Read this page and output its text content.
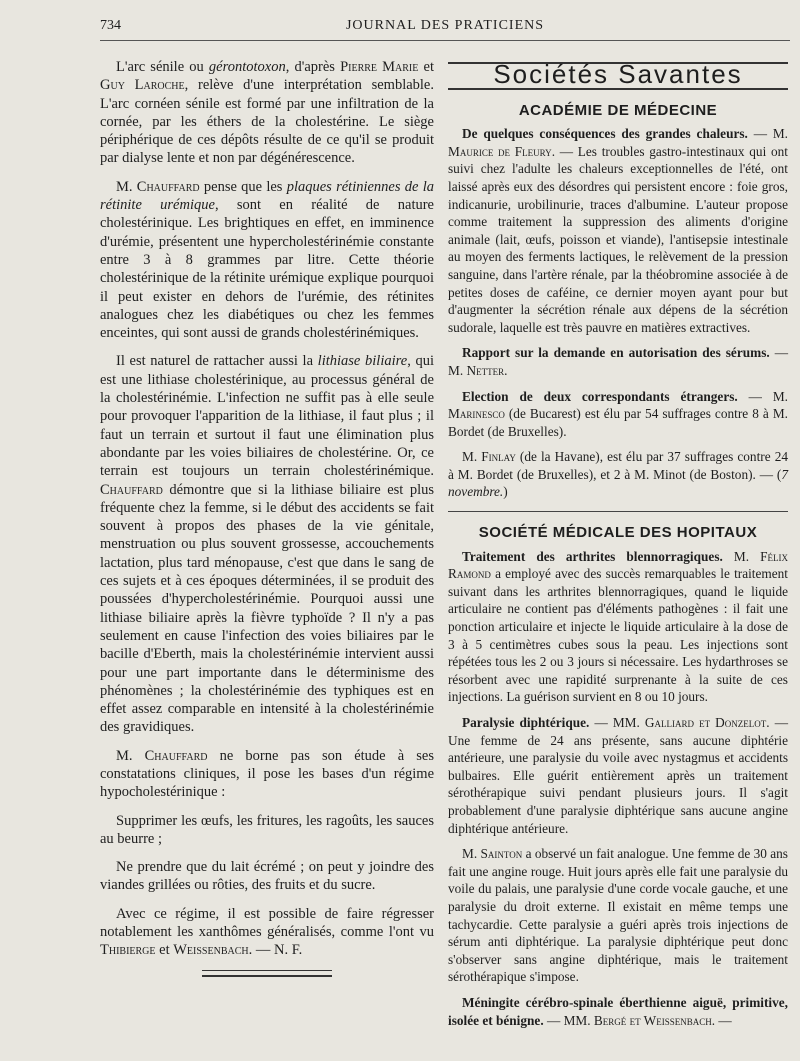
734	JOURNAL DES PRATICIENS

L'arc sénile ou gérontotoxon, d'après Pierre Marie et Guy Laroche, relève d'une interprétation semblable. L'arc cornéen sénile est formé par une infiltration de la cornée, par les éthers de la cholestérine. Le siège périphérique de ces dépôts résulte de ce qu'il se produit par dialyse lente et non par dégénérescence.

M. Chauffard pense que les plaques rétiniennes de la rétinite urémique, sont en réalité de nature cholestérinique. Les brightiques en effet, en imminence d'urémie, présentent une hypercholestérinémie constante entre 3 à 8 grammes par litre. Cette théorie cholestérinique de la rétinite urémique explique pourquoi il peut exister en dehors de l'urémie, des rétinites analogues chez les diabétiques ou chez les femmes enceintes, qui sont aussi de grands cholestérinémiques.

Il est naturel de rattacher aussi la lithiase biliaire, qui est une lithiase cholestérinique, au processus général de la cholestérinémie. L'infection ne suffit pas à elle seule pour provoquer l'apparition de la lithiase, il faut plus ; il faut un terrain et surtout il faut une élimination plus abondante par les voies biliaires de cholestérine. Or, ce terrain est toujours un terrain cholestérinémique. Chauffard démontre que si la lithiase biliaire est plus fréquente chez la femme, si le début des accidents se fait souvent à propos des phases de la vie génitale, menstruation ou plus souvent grossesse, accouchements lactation, plus tard ménopause, c'est que dans le sang de ces sujets et à ces époques déterminées, il se produit des poussées d'hypercholestérinémie. Pourquoi aussi une lithiase biliaire après la fièvre typhoïde ? Il n'y a pas seulement en cause l'infection des voies biliaires par le bacille d'Eberth, mais la cholestérinémie intervient aussi pour une part importante dans le déterminisme des phénomènes ; la cholestérinémie des typhiques est en effet assez comparable en intensité à la cholestérinémie des gravidiques.

M. Chauffard ne borne pas son étude à ses constatations cliniques, il pose les bases d'un régime hypocholestérinique :

Supprimer les œufs, les fritures, les ragoûts, les sauces au beurre ;

Ne prendre que du lait écrémé ; on peut y joindre des viandes grillées ou rôties, des fruits et du sucre.

Avec ce régime, il est possible de faire régresser notablement les xanthômes généralisés, comme l'ont vu Thibierge et Weissenbach. — N. F.

Sociétés Savantes
ACADÉMIE DE MÉDECINE

De quelques conséquences des grandes chaleurs. — M. Maurice de Fleury. — Les troubles gastro-intestinaux qui ont suivi chez l'adulte les chaleurs exceptionnelles de l'été, ont laissé après eux des désordres qui persistent encore : foie gros, indicanurie, urobilinurie, traces d'albumine. L'auteur propose comme traitement la suppression des aliments d'origine animale (lait, œufs, poisson et viande), l'antisepsie intestinale au moyen des ferments lactiques, le relèvement de la pression sanguine, dans l'artère rénale, par la théobromine associée à de petites doses de caféine, ce dernier moyen ayant pour but d'augmenter la sécrétion rénale aux dépens de la sécrétion sudorale, laquelle est très pauvre en matières extractives.

Rapport sur la demande en autorisation des sérums. — M. Netter.

Election de deux correspondants étrangers. — M. Marinesco (de Bucarest) est élu par 54 suffrages contre 8 à M. Bordet (de Bruxelles).

M. Finlay (de la Havane), est élu par 37 suffrages contre 24 à M. Bordet (de Bruxelles), et 2 à M. Minot (de Boston). — (7 novembre.)

SOCIÉTÉ MÉDICALE DES HOPITAUX

Traitement des arthrites blennorragiques. M. Félix Ramond a employé avec des succès remarquables le traitement suivant dans les arthrites blennorragiques, quand le liquide articulaire ne contient pas d'éléments pathogènes : il fait une ponction articulaire et injecte le liquide articulaire à la dose de 3 à 5 centimètres cubes sous la peau. Les injections sont répétées tous les 2 ou 3 jours si nécessaire. Les hydarthroses se résorbent avec une rapidité surprenante à la suite de ces injections. La guérison survient en 8 ou 10 jours.

Paralysie diphtérique. — MM. Galliard et Donzelot. — Une femme de 24 ans présente, sans aucune diphtérie antérieure, une paralysie du voile avec nystagmus et accidents bulbaires. Elle guérit entièrement après un traitement sérothérapique suivi pendant plusieurs jours. Il s'agit probablement d'une paralysie diphtérique sans aucune angine diphtérique antérieure.

M. Sainton a observé un fait analogue. Une femme de 30 ans fait une angine rouge. Huit jours après elle fait une paralysie du voile du palais, une paralysie d'une corde vocale gauche, et une paralysie du droit externe. Il existait en même temps une tachycardie. Cette paralysie a guéri après trois injections de sérum anti diphtérique. La paralysie diphtérique peut donc s'observer sans angine diphtérique, mais le traitement sérothérapique s'impose.

Méningite cérébro-spinale éberthienne aiguë, primitive, isolée et bénigne. — MM. Bergé et Weissenbach. —
